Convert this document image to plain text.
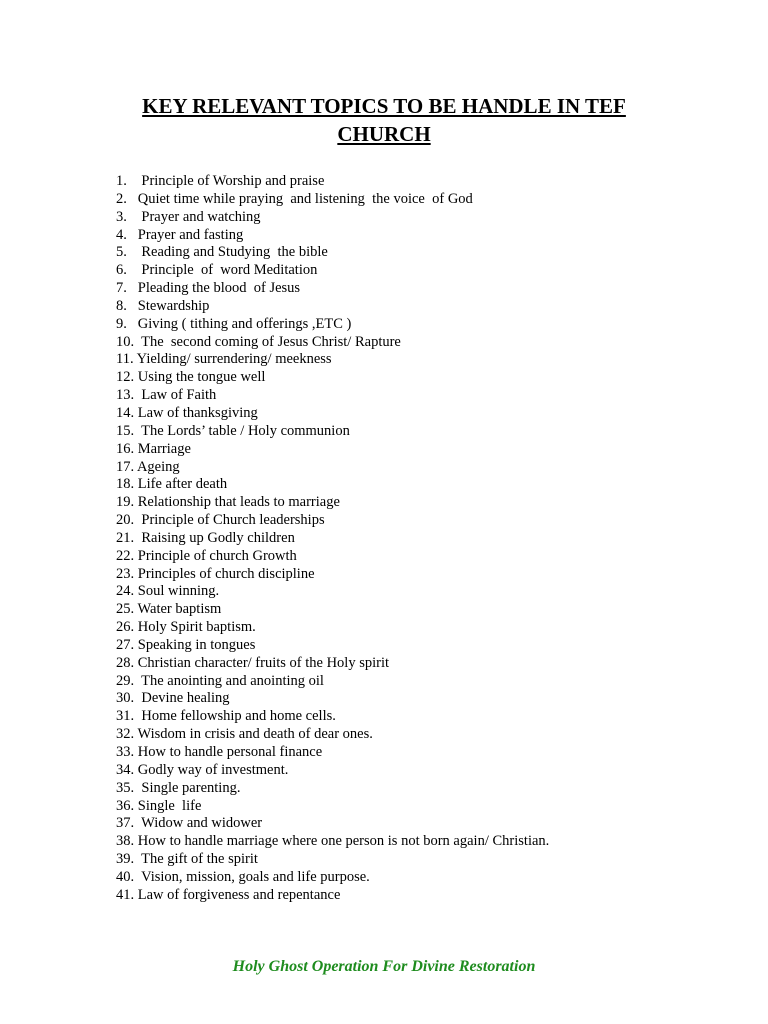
KEY RELEVANT TOPICS TO BE HANDLE IN TEF CHURCH
1.    Principle of Worship and praise
2.   Quiet time while praying  and listening  the voice  of God
3.    Prayer and watching
4.   Prayer and fasting
5.    Reading and Studying  the bible
6.    Principle  of  word Meditation
7.   Pleading the blood  of Jesus
8.   Stewardship
9.   Giving ( tithing and offerings ,ETC )
10.  The  second coming of Jesus Christ/ Rapture
11. Yielding/ surrendering/ meekness
12. Using the tongue well
13.  Law of Faith
14. Law of thanksgiving
15.  The Lords’ table / Holy communion
16. Marriage
17. Ageing
18. Life after death
19. Relationship that leads to marriage
20.  Principle of Church leaderships
21.  Raising up Godly children
22. Principle of church Growth
23. Principles of church discipline
24. Soul winning.
25. Water baptism
26. Holy Spirit baptism.
27. Speaking in tongues
28. Christian character/ fruits of the Holy spirit
29.  The anointing and anointing oil
30.  Devine healing
31.  Home fellowship and home cells.
32. Wisdom in crisis and death of dear ones.
33. How to handle personal finance
34. Godly way of investment.
35.  Single parenting.
36. Single  life
37.  Widow and widower
38. How to handle marriage where one person is not born again/ Christian.
39.  The gift of the spirit
40.  Vision, mission, goals and life purpose.
41. Law of forgiveness and repentance

Holy Ghost Operation For Divine Restoration
